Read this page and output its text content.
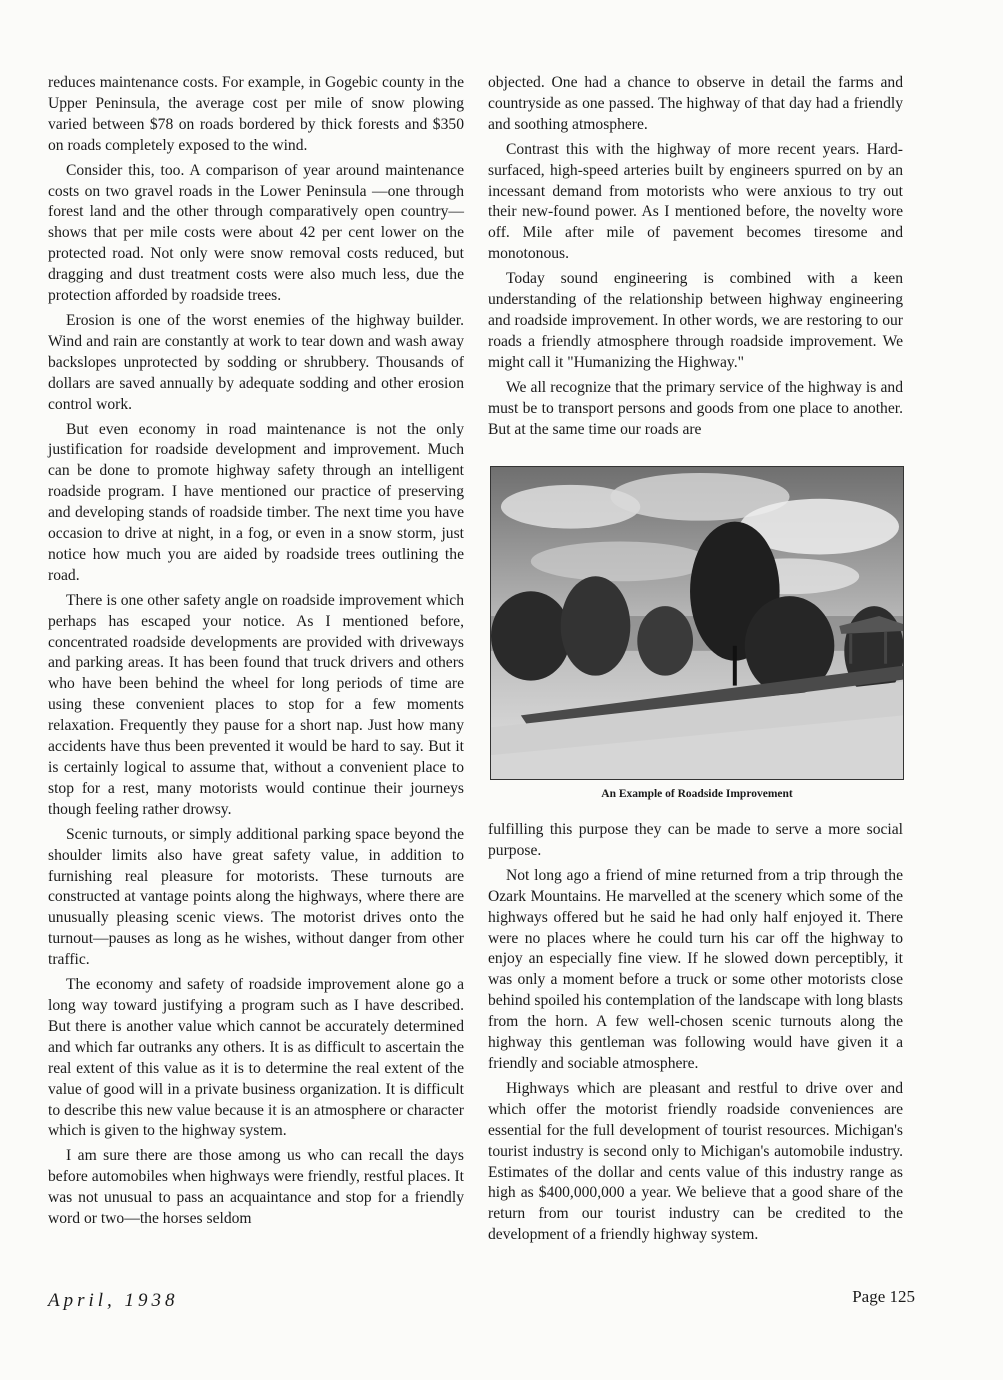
reduces maintenance costs. For example, in Gogebic county in the Upper Peninsula, the average cost per mile of snow plowing varied between $78 on roads bordered by thick forests and $350 on roads completely exposed to the wind.

Consider this, too. A comparison of year around maintenance costs on two gravel roads in the Lower Peninsula —one through forest land and the other through comparatively open country—shows that per mile costs were about 42 per cent lower on the protected road. Not only were snow removal costs reduced, but dragging and dust treatment costs were also much less, due the protection afforded by roadside trees.

Erosion is one of the worst enemies of the highway builder. Wind and rain are constantly at work to tear down and wash away backslopes unprotected by sodding or shrubbery. Thousands of dollars are saved annually by adequate sodding and other erosion control work.

But even economy in road maintenance is not the only justification for roadside development and improvement. Much can be done to promote highway safety through an intelligent roadside program. I have mentioned our practice of preserving and developing stands of roadside timber. The next time you have occasion to drive at night, in a fog, or even in a snow storm, just notice how much you are aided by roadside trees outlining the road.

There is one other safety angle on roadside improvement which perhaps has escaped your notice. As I mentioned before, concentrated roadside developments are provided with driveways and parking areas. It has been found that truck drivers and others who have been behind the wheel for long periods of time are using these convenient places to stop for a few moments relaxation. Frequently they pause for a short nap. Just how many accidents have thus been prevented it would be hard to say. But it is certainly logical to assume that, without a convenient place to stop for a rest, many motorists would continue their journeys though feeling rather drowsy.

Scenic turnouts, or simply additional parking space beyond the shoulder limits also have great safety value, in addition to furnishing real pleasure for motorists. These turnouts are constructed at vantage points along the highways, where there are unusually pleasing scenic views. The motorist drives onto the turnout—pauses as long as he wishes, without danger from other traffic.

The economy and safety of roadside improvement alone go a long way toward justifying a program such as I have described. But there is another value which cannot be accurately determined and which far outranks any others. It is as difficult to ascertain the real extent of this value as it is to determine the real extent of the value of good will in a private business organization. It is difficult to describe this new value because it is an atmosphere or character which is given to the highway system.

I am sure there are those among us who can recall the days before automobiles when highways were friendly, restful places. It was not unusual to pass an acquaintance and stop for a friendly word or two—the horses seldom

objected. One had a chance to observe in detail the farms and countryside as one passed. The highway of that day had a friendly and soothing atmosphere.

Contrast this with the highway of more recent years. Hard-surfaced, high-speed arteries built by engineers spurred on by an incessant demand from motorists who were anxious to try out their new-found power. As I mentioned before, the novelty wore off. Mile after mile of pavement becomes tiresome and monotonous.

Today sound engineering is combined with a keen understanding of the relationship between highway engineering and roadside improvement. In other words, we are restoring to our roads a friendly atmosphere through roadside improvement. We might call it "Humanizing the Highway."

We all recognize that the primary service of the highway is and must be to transport persons and goods from one place to another. But at the same time our roads are

An Example of Roadside Improvement

fulfilling this purpose they can be made to serve a more social purpose.

Not long ago a friend of mine returned from a trip through the Ozark Mountains. He marvelled at the scenery which some of the highways offered but he said he had only half enjoyed it. There were no places where he could turn his car off the highway to enjoy an especially fine view. If he slowed down perceptibly, it was only a moment before a truck or some other motorists close behind spoiled his contemplation of the landscape with long blasts from the horn. A few well-chosen scenic turnouts along the highway this gentleman was following would have given it a friendly and sociable atmosphere.

Highways which are pleasant and restful to drive over and which offer the motorist friendly roadside conveniences are essential for the full development of tourist resources. Michigan's tourist industry is second only to Michigan's automobile industry. Estimates of the dollar and cents value of this industry range as high as $400,000,000 a year. We believe that a good share of the return from our tourist industry can be credited to the development of a friendly highway system.

April, 1938	Page 125
